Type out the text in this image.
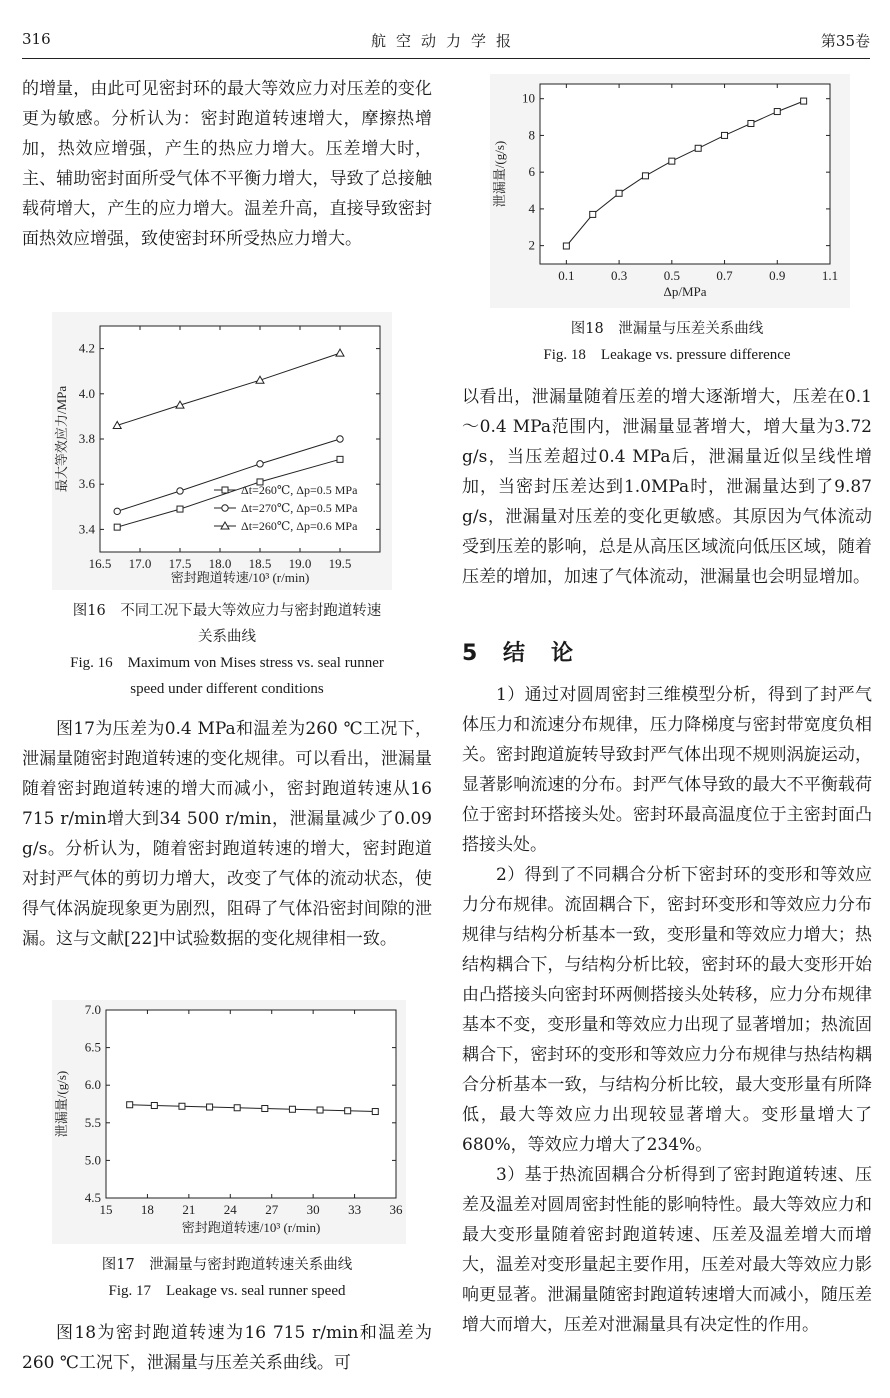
316	航空动力学报	第35卷

的增量，由此可见密封环的最大等效应力对压差的变化更为敏感。分析认为：密封跑道转速增大，摩擦热增加，热效应增强，产生的热应力增大。压差增大时，主、辅助密封面所受气体不平衡力增大，导致了总接触载荷增大，产生的应力增大。温差升高，直接导致密封面热效应增强，致使密封环所受热应力增大。

16.5 17.0 17.5 18.0 18.5 19.0 19.5
3.4
3.6
3.8
4.0
4.2
密封跑道转速/10³ (r/min)
最大等效应力/MPa	Δt=260℃, Δp=0.5 MPa
Δt=270℃, Δp=0.5 MPa
Δt=260℃, Δp=0.6 MPa

图16　不同工况下最大等效应力与密封跑道转速

关系曲线

Fig. 16　Maximum von Mises stress vs. seal runner

speed under different conditions

图17为压差为0.4 MPa和温差为260 ℃工况下，泄漏量随密封跑道转速的变化规律。可以看出，泄漏量随着密封跑道转速的增大而减小，密封跑道转速从16 715 r/min增大到34 500 r/min，泄漏量减少了0.09 g/s。分析认为，随着密封跑道转速的增大，密封跑道对封严气体的剪切力增大，改变了气体的流动状态，使得气体涡旋现象更为剧烈，阻碍了气体沿密封间隙的泄漏。这与文献[22]中试验数据的变化规律相一致。

15 18 21 24 27 30 33 36
4.5
5.0
5.5
6.0
6.5
7.0
密封跑道转速/10³ (r/min)
泄漏量/(g/s)

图17　泄漏量与密封跑道转速关系曲线

Fig. 17　Leakage vs. seal runner speed

图18为密封跑道转速为16 715 r/min和温差为260 ℃工况下，泄漏量与压差关系曲线。可

0.1	0.3	0.5	0.7	0.9	1.1
2
4
6
8
10
Δp/MPa
泄漏量/(g/s)

图18　泄漏量与压差关系曲线

Fig. 18　Leakage vs. pressure difference

以看出，泄漏量随着压差的增大逐渐增大，压差在0.1～0.4 MPa范围内，泄漏量显著增大，增大量为3.72 g/s，当压差超过0.4 MPa后，泄漏量近似呈线性增加，当密封压差达到1.0MPa时，泄漏量达到了9.87 g/s，泄漏量对压差的变化更敏感。其原因为气体流动受到压差的影响，总是从高压区域流向低压区域，随着压差的增加，加速了气体流动，泄漏量也会明显增加。

5 结　论

1）通过对圆周密封三维模型分析，得到了封严气体压力和流速分布规律，压力降梯度与密封带宽度负相关。密封跑道旋转导致封严气体出现不规则涡旋运动，显著影响流速的分布。封严气体导致的最大不平衡载荷位于密封环搭接头处。密封环最高温度位于主密封面凸搭接头处。

2）得到了不同耦合分析下密封环的变形和等效应力分布规律。流固耦合下，密封环变形和等效应力分布规律与结构分析基本一致，变形量和等效应力增大；热结构耦合下，与结构分析比较，密封环的最大变形开始由凸搭接头向密封环两侧搭接头处转移，应力分布规律基本不变，变形量和等效应力出现了显著增加；热流固耦合下，密封环的变形和等效应力分布规律与热结构耦合分析基本一致，与结构分析比较，最大变形量有所降低，最大等效应力出现较显著增大。变形量增大了680%，等效应力增大了234%。

3）基于热流固耦合分析得到了密封跑道转速、压差及温差对圆周密封性能的影响特性。最大等效应力和最大变形量随着密封跑道转速、压差及温差增大而增大，温差对变形量起主要作用，压差对最大等效应力影响更显著。泄漏量随密封跑道转速增大而减小，随压差增大而增大，压差对泄漏量具有决定性的作用。
